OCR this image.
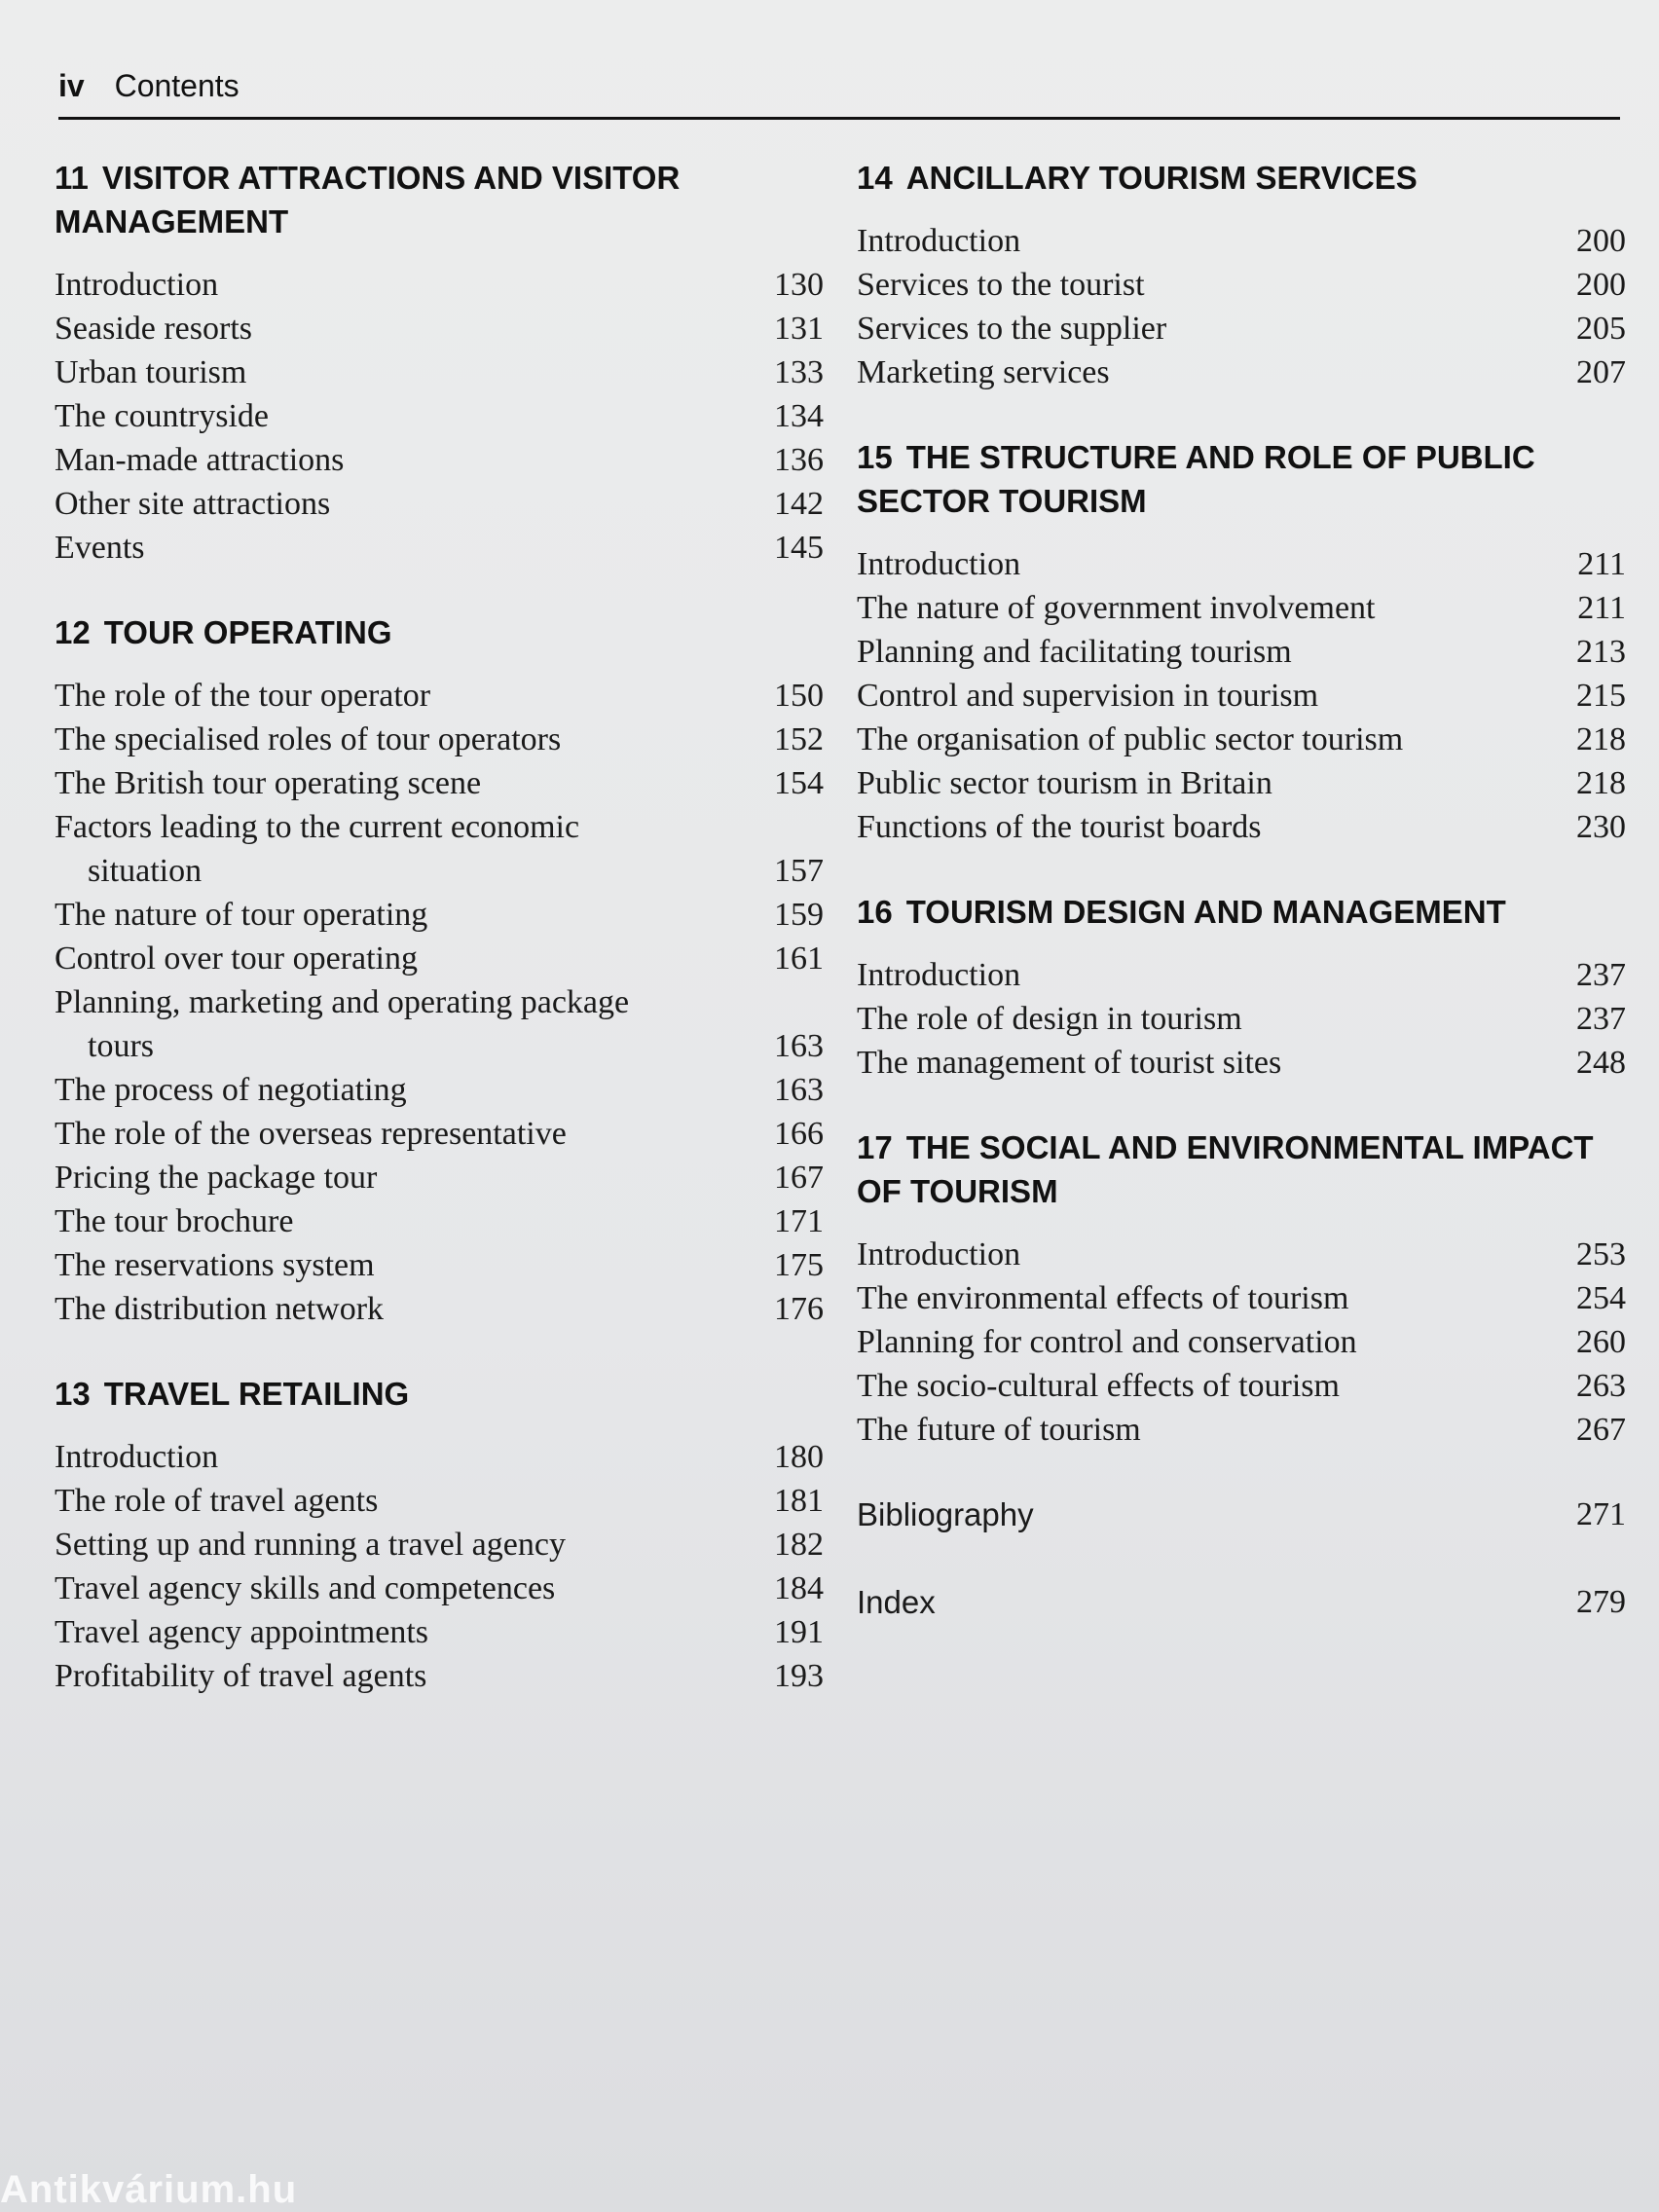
iv Contents
11 VISITOR ATTRACTIONS AND VISITOR MANAGEMENT
Introduction	130
Seaside resorts	131
Urban tourism	133
The countryside	134
Man-made attractions	136
Other site attractions	142
Events	145
12 TOUR OPERATING
The role of the tour operator	150
The specialised roles of tour operators	152
The British tour operating scene	154
Factors leading to the current economic
situation	157
The nature of tour operating	159
Control over tour operating	161
Planning, marketing and operating package
tours	163
The process of negotiating	163
The role of the overseas representative	166
Pricing the package tour	167
The tour brochure	171
The reservations system	175
The distribution network	176
13 TRAVEL RETAILING
Introduction	180
The role of travel agents	181
Setting up and running a travel agency	182
Travel agency skills and competences	184
Travel agency appointments	191
Profitability of travel agents	193
14 ANCILLARY TOURISM SERVICES
Introduction	200
Services to the tourist	200
Services to the supplier	205
Marketing services	207
15 THE STRUCTURE AND ROLE OF PUBLIC SECTOR TOURISM
Introduction	211
The nature of government involvement	211
Planning and facilitating tourism	213
Control and supervision in tourism	215
The organisation of public sector tourism	218
Public sector tourism in Britain	218
Functions of the tourist boards	230
16 TOURISM DESIGN AND MANAGEMENT
Introduction	237
The role of design in tourism	237
The management of tourist sites	248
17 THE SOCIAL AND ENVIRONMENTAL IMPACT OF TOURISM
Introduction	253
The environmental effects of tourism	254
Planning for control and conservation	260
The socio-cultural effects of tourism	263
The future of tourism	267
Bibliography	271
Index	279
Antikvárium.hu
